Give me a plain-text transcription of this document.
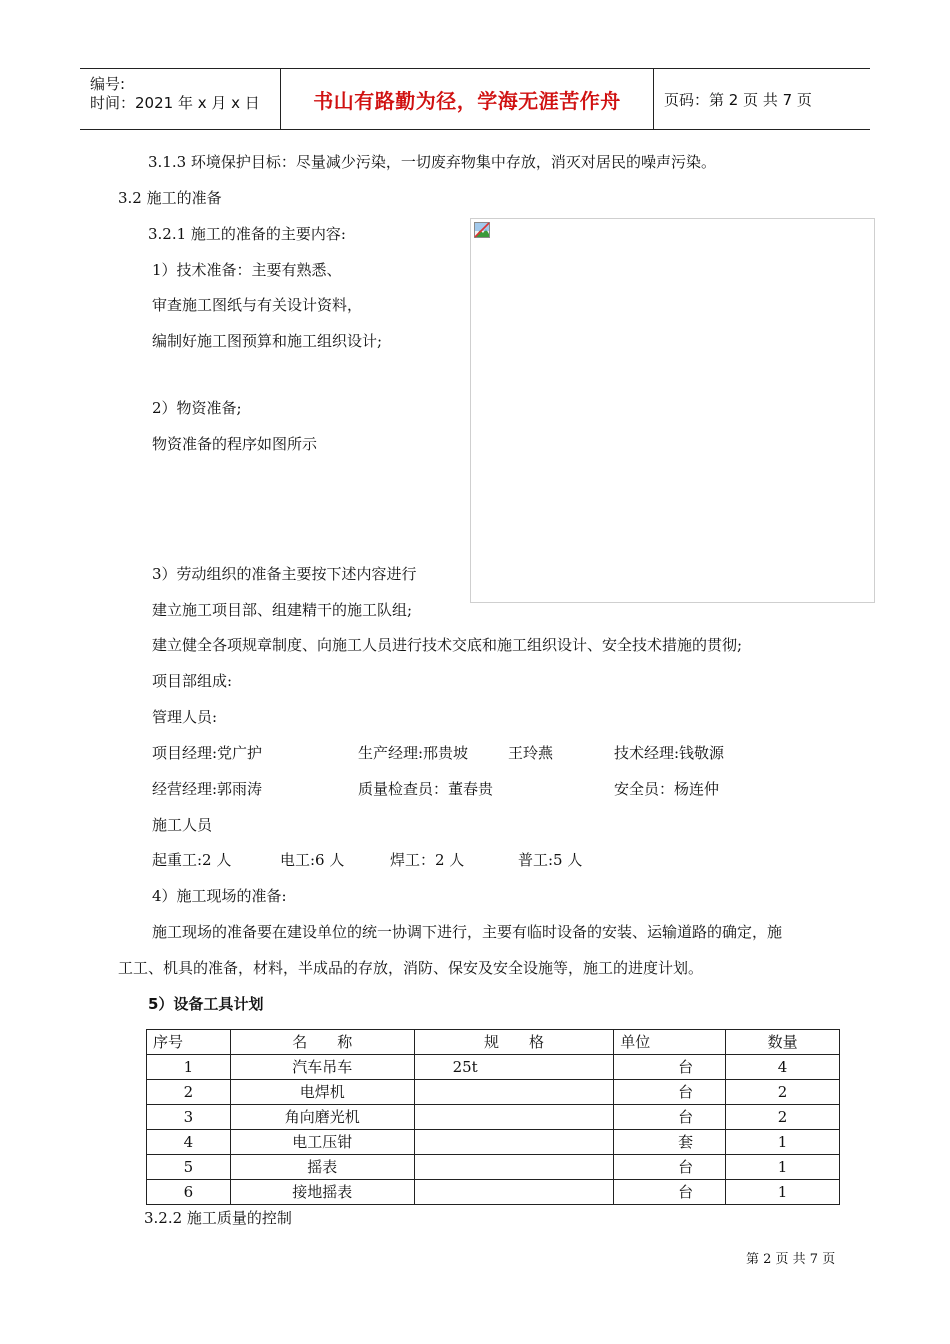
编号:
时间：2021 年 x 月 x 日	书山有路勤为径，学海无涯苦作舟	页码：第 2 页 共 7 页
3.1.3 环境保护目标：尽量减少污染，一切废弃物集中存放，消灭对居民的噪声污染。
3.2 施工的准备
3.2.1 施工的准备的主要内容:
1）技术准备：主要有熟悉、
审查施工图纸与有关设计资料，
编制好施工图预算和施工组织设计;
2）物资准备;
物资准备的程序如图所示
3）劳动组织的准备主要按下述内容进行
建立施工项目部、组建精干的施工队组;
建立健全各项规章制度、向施工人员进行技术交底和施工组织设计、安全技术措施的贯彻;
项目部组成:
管理人员:
项目经理:党广护	生产经理:邢贵坡	王玲燕	技术经理:钱敬源
经营经理:郭雨涛	质量检查员：董春贵	安全员：杨连仲
施工人员
起重工:2 人	电工:6 人	焊工：2 人	普工:5 人
4）施工现场的准备:
施工现场的准备要在建设单位的统一协调下进行，主要有临时设备的安装、运输道路的确定，施
工工、机具的准备，材料，半成品的存放，消防、保安及安全设施等，施工的进度计划。
5）设备工具计划
序号	名　　称	规　　格	单位	数量
1	汽车吊车	25t	台	4
2	电焊机		台	2
3	角向磨光机		台	2
4	电工压钳		套	1
5	摇表		台	1
6	接地摇表		台	1
3.2.2 施工质量的控制
第 2 页 共 7 页
